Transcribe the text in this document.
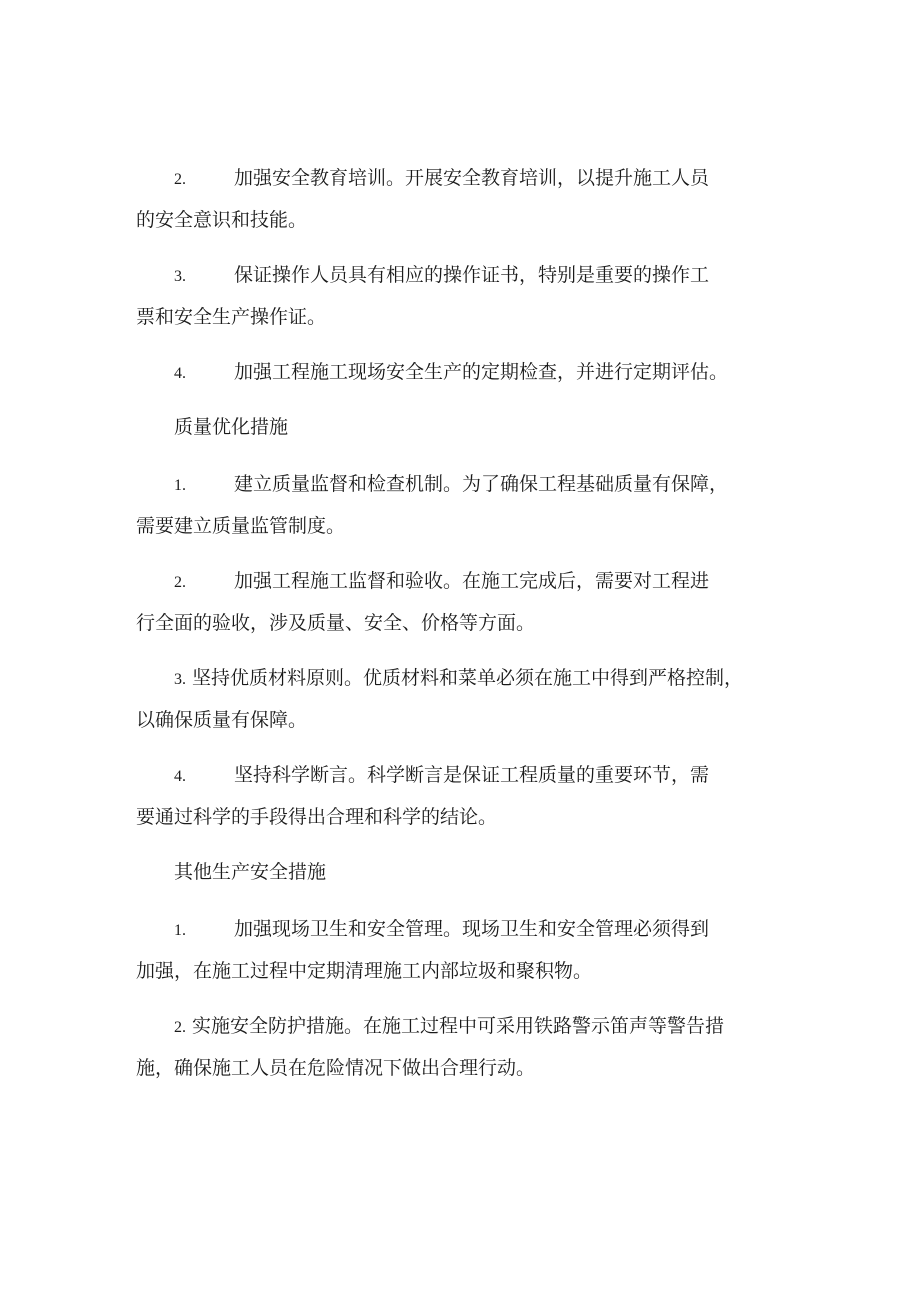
2.	加强安全教育培训。开展安全教育培训，以提升施工人员
的安全意识和技能。
3.	保证操作人员具有相应的操作证书，特别是重要的操作工
票和安全生产操作证。
4.	加强工程施工现场安全生产的定期检查，并进行定期评估。
质量优化措施
1.	建立质量监督和检查机制。为了确保工程基础质量有保障，
需要建立质量监管制度。
2.	加强工程施工监督和验收。在施工完成后，需要对工程进
行全面的验收，涉及质量、安全、价格等方面。
3. 坚持优质材料原则。优质材料和菜单必须在施工中得到严格控制，
以确保质量有保障。
4.	坚持科学断言。科学断言是保证工程质量的重要环节，需
要通过科学的手段得出合理和科学的结论。
其他生产安全措施
1.	加强现场卫生和安全管理。现场卫生和安全管理必须得到
加强，在施工过程中定期清理施工内部垃圾和聚积物。
2. 实施安全防护措施。在施工过程中可采用铁路警示笛声等警告措
施，确保施工人员在危险情况下做出合理行动。
